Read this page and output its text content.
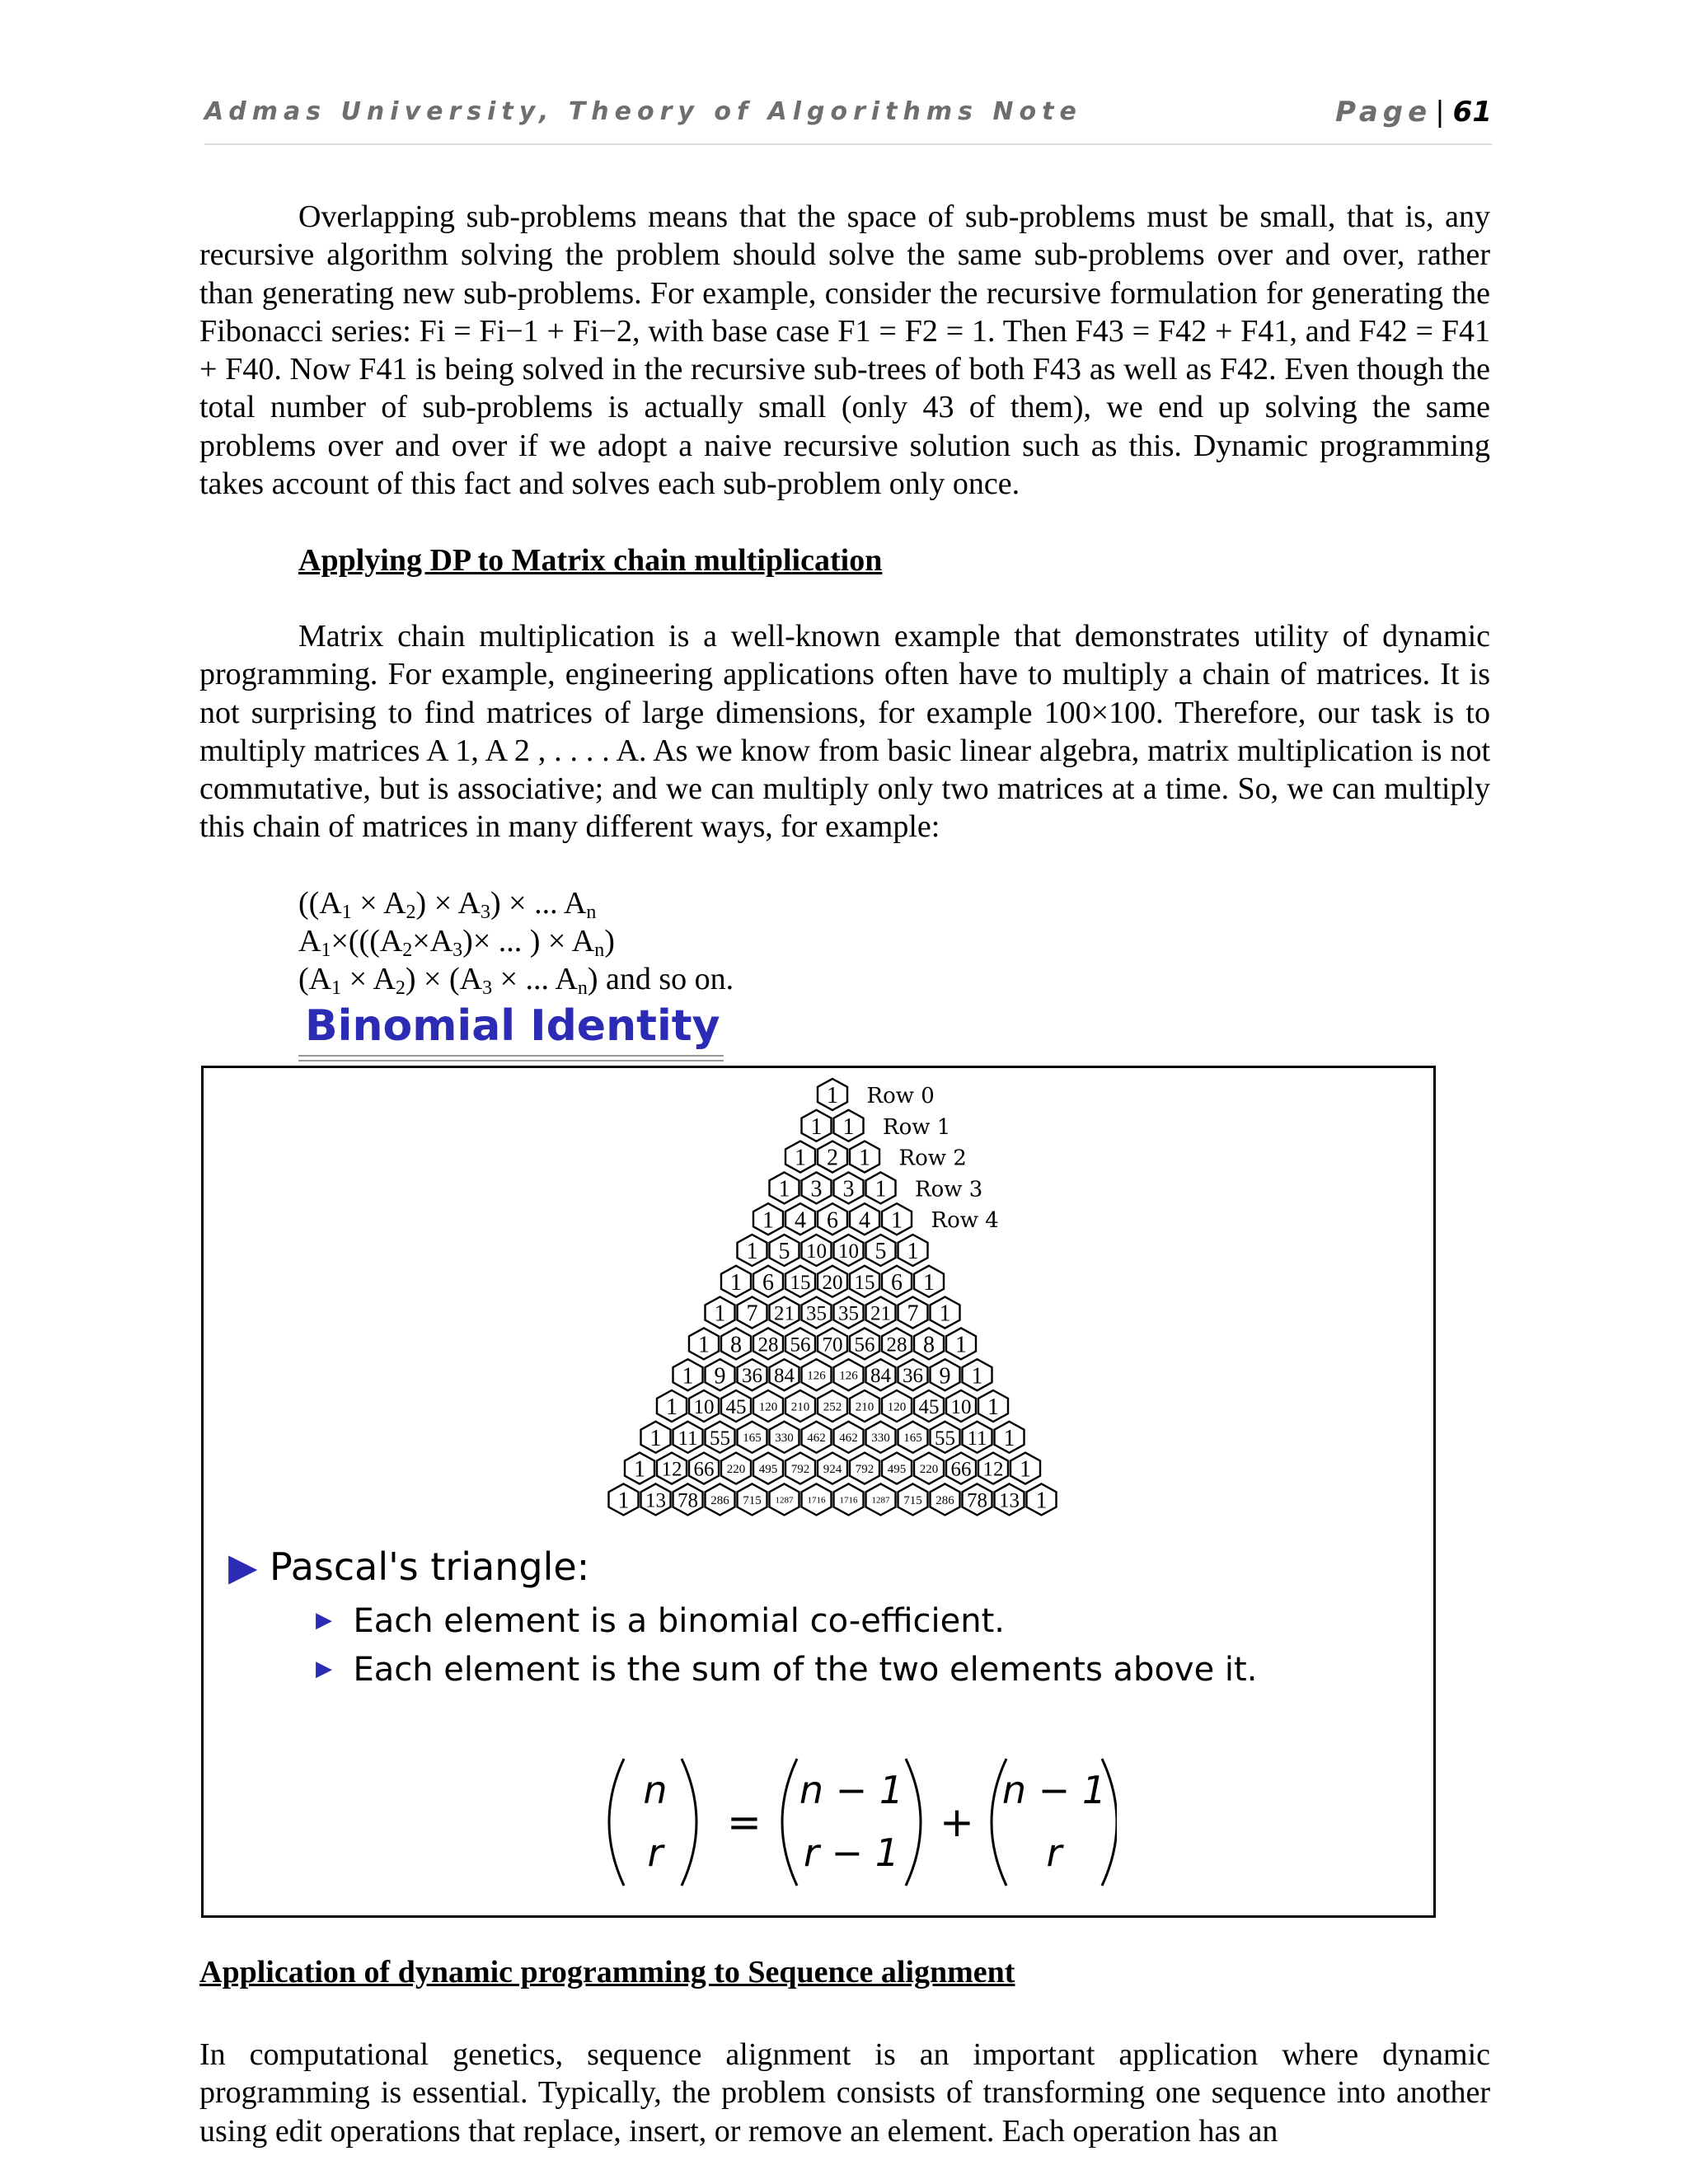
Admas University, Theory of Algorithms Note	Page | 61

Overlapping sub-problems means that the space of sub-problems must be small, that is, any recursive algorithm solving the problem should solve the same sub-problems over and over, rather than generating new sub-problems. For example, consider the recursive formulation for generating the Fibonacci series: Fi = Fi−1 + Fi−2, with base case F1 = F2 = 1. Then F43 = F42 + F41, and F42 = F41 + F40. Now F41 is being solved in the recursive sub-trees of both F43 as well as F42. Even though the total number of sub-problems is actually small (only 43 of them), we end up solving the same problems over and over if we adopt a naive recursive solution such as this. Dynamic programming takes account of this fact and solves each sub-problem only once.

Applying DP to Matrix chain multiplication

Matrix chain multiplication is a well-known example that demonstrates utility of dynamic programming. For example, engineering applications often have to multiply a chain of matrices. It is not surprising to find matrices of large dimensions, for example 100×100. Therefore, our task is to multiply matrices A 1, A 2 , . . . . A. As we know from basic linear algebra, matrix multiplication is not commutative, but is associative; and we can multiply only two matrices at a time. So, we can multiply this chain of matrices in many different ways, for example:

$((A_1 \times A_2) \times A_3)$ × ... $A_n$
$A_1\times(((A_2\times A_3)\times$ ... ) × $A_n$)
$(A_1 \times A_2) \times (A_3$ × ... $A_n$) and so on.
Binomial Identity
1
1 1
1 2 1
1 3 3 1
1 4 6 4 1
1 5 10 10 5 1
1 6 15 20 15 6 1
1 7 21 35 35 21 7 1
1 8 28 56 70 56 28 8 1
1 9 36 84 126 126 84 36 9 1
1 10 45 120 210 252 210 120 45 10 1
1 11 55 165 330 462 462 330 165 55 11 1
1 12 66 220 495 792 924 792 495 220 66 12 1
1 13 78 286 715 1287 1716 1716 1287 715 286 78 13 1
Row 0
Row 1
Row 2
Row 3
Row 4
▶ Pascal's triangle:
▶ Each element is a binomial co-efficient.
▶ Each element is the sum of the two elements above it.
n
r
=
n − 1
r − 1
+
n − 1
r

Application of dynamic programming to Sequence alignment

In computational genetics, sequence alignment is an important application where dynamic programming is essential. Typically, the problem consists of transforming one sequence into another using edit operations that replace, insert, or remove an element. Each operation has an
